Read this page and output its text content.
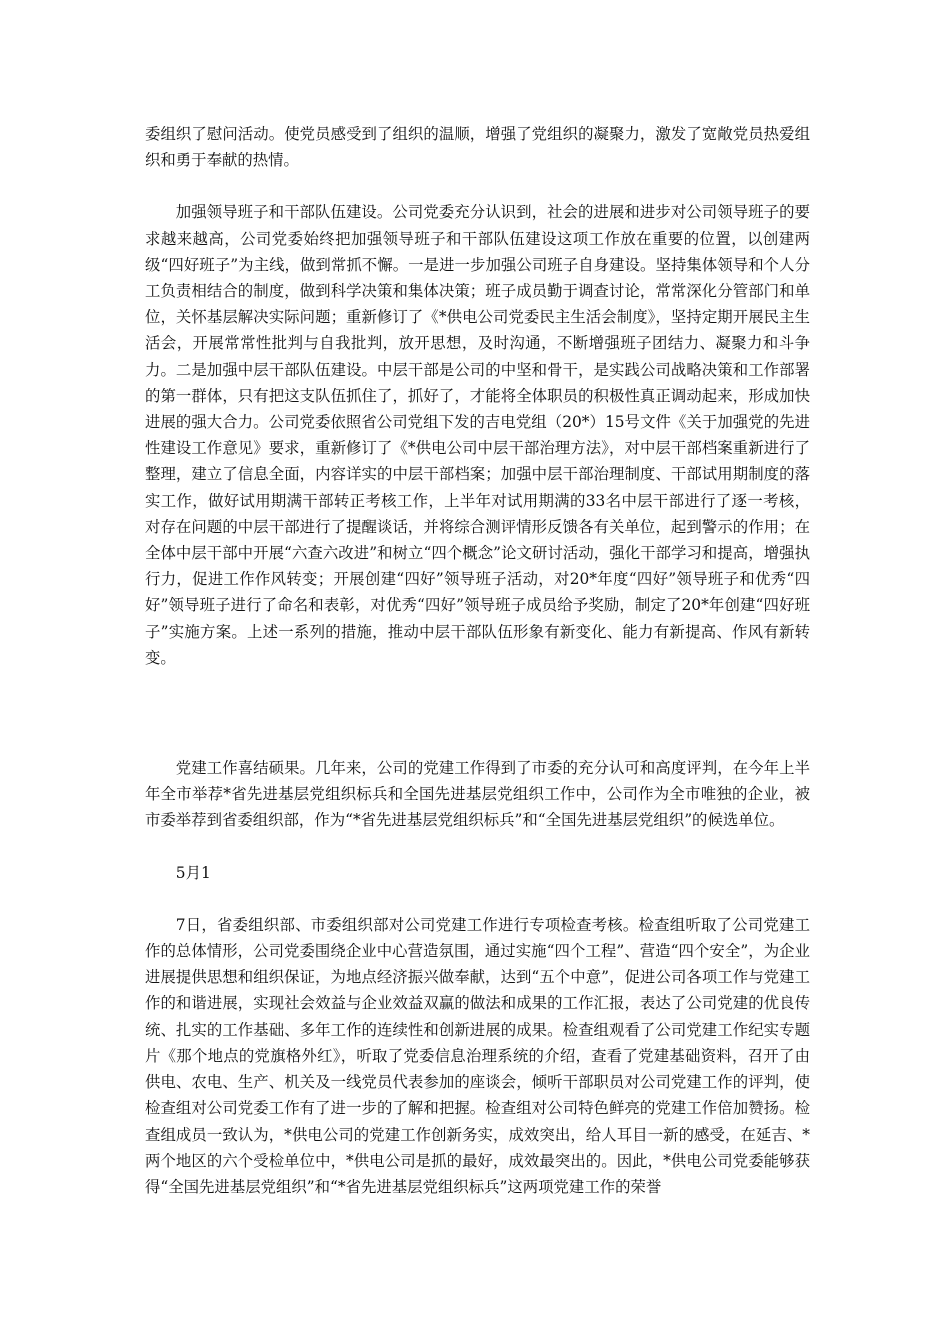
委组织了慰问活动。使党员感受到了组织的温顺，增强了党组织的凝聚力，激发了宽敞党员热爱组织和勇于奉献的热情。

加强领导班子和干部队伍建设。公司党委充分认识到，社会的进展和进步对公司领导班子的要求越来越高，公司党委始终把加强领导班子和干部队伍建设这项工作放在重要的位置，以创建两级“四好班子”为主线，做到常抓不懈。一是进一步加强公司班子自身建设。坚持集体领导和个人分工负责相结合的制度，做到科学决策和集体决策；班子成员勤于调查讨论，常常深化分管部门和单位，关怀基层解决实际问题；重新修订了《*供电公司党委民主生活会制度》，坚持定期开展民主生活会，开展常常性批判与自我批判，放开思想，及时沟通，不断增强班子团结力、凝聚力和斗争力。二是加强中层干部队伍建设。中层干部是公司的中坚和骨干，是实践公司战略决策和工作部署的第一群体，只有把这支队伍抓住了，抓好了，才能将全体职员的积极性真正调动起来，形成加快进展的强大合力。公司党委依照省公司党组下发的吉电党组（20*）15号文件《关于加强党的先进性建设工作意见》要求，重新修订了《*供电公司中层干部治理方法》，对中层干部档案重新进行了整理，建立了信息全面，内容详实的中层干部档案；加强中层干部治理制度、干部试用期制度的落实工作，做好试用期满干部转正考核工作，上半年对试用期满的33名中层干部进行了逐一考核，对存在问题的中层干部进行了提醒谈话，并将综合测评情形反馈各有关单位，起到警示的作用；在全体中层干部中开展“六查六改进”和树立“四个概念”论文研讨活动，强化干部学习和提高，增强执行力，促进工作作风转变；开展创建“四好”领导班子活动，对20*年度“四好”领导班子和优秀“四好”领导班子进行了命名和表彰，对优秀“四好”领导班子成员给予奖励，制定了20*年创建“四好班子”实施方案。上述一系列的措施，推动中层干部队伍形象有新变化、能力有新提高、作风有新转变。

党建工作喜结硕果。几年来，公司的党建工作得到了市委的充分认可和高度评判，在今年上半年全市举荐*省先进基层党组织标兵和全国先进基层党组织工作中，公司作为全市唯独的企业，被市委举荐到省委组织部，作为“*省先进基层党组织标兵”和“全国先进基层党组织”的候选单位。

5月1

7日，省委组织部、市委组织部对公司党建工作进行专项检查考核。检查组听取了公司党建工作的总体情形，公司党委围绕企业中心营造氛围，通过实施“四个工程”、营造“四个安全”，为企业进展提供思想和组织保证，为地点经济振兴做奉献，达到“五个中意”，促进公司各项工作与党建工作的和谐进展，实现社会效益与企业效益双赢的做法和成果的工作汇报，表达了公司党建的优良传统、扎实的工作基础、多年工作的连续性和创新进展的成果。检查组观看了公司党建工作纪实专题片《那个地点的党旗格外红》，听取了党委信息治理系统的介绍，查看了党建基础资料，召开了由供电、农电、生产、机关及一线党员代表参加的座谈会，倾听干部职员对公司党建工作的评判，使检查组对公司党委工作有了进一步的了解和把握。检查组对公司特色鲜亮的党建工作倍加赞扬。检查组成员一致认为，*供电公司的党建工作创新务实，成效突出，给人耳目一新的感受，在延吉、*两个地区的六个受检单位中，*供电公司是抓的最好，成效最突出的。因此，*供电公司党委能够获得“全国先进基层党组织”和“*省先进基层党组织标兵”这两项党建工作的荣誉
